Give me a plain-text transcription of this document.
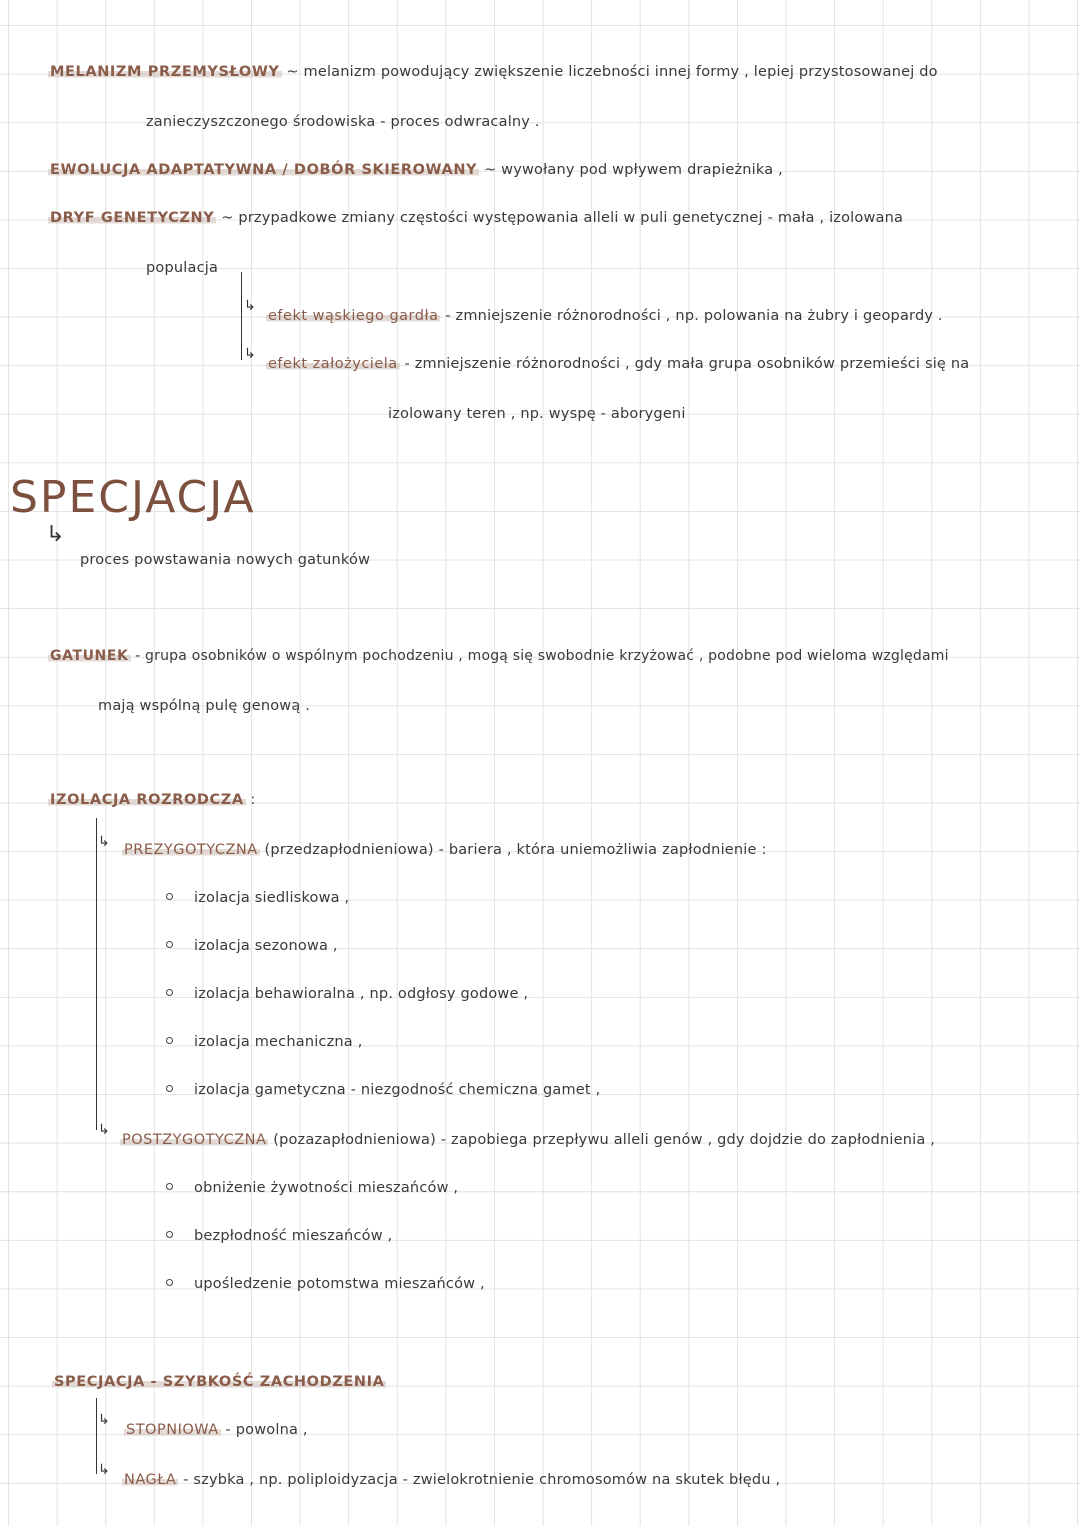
MELANIZM PRZEMYSŁOWY ~ melanizm powodujący zwiększenie liczebności innej formy , lepiej przystosowanej do
zanieczyszczonego środowiska - proces odwracalny .
EWOLUCJA ADAPTATYWNA / DOBÓR SKIEROWANY ~ wywołany pod wpływem drapieżnika ,
DRYF GENETYCZNY ~ przypadkowe zmiany częstości występowania alleli w puli genetycznej - mała , izolowana
populacja
↳
efekt wąskiego gardła - zmniejszenie różnorodności , np. polowania na żubry i geopardy .
↳
efekt założyciela - zmniejszenie różnorodności , gdy mała grupa osobników przemieści się na
izolowany teren , np. wyspę - aborygeni
SPECJACJA
↳
proces powstawania nowych gatunków
GATUNEK - grupa osobników o wspólnym pochodzeniu , mogą się swobodnie krzyżować , podobne pod wieloma względami
mają wspólną pulę genową .
IZOLACJA ROZRODCZA :
↳ PREZYGOTYCZNA (przedzapłodnieniowa) - bariera , która uniemożliwia zapłodnienie :
izolacja siedliskowa ,
izolacja sezonowa ,
izolacja behawioralna , np. odgłosy godowe ,
izolacja mechaniczna ,
izolacja gametyczna - niezgodność chemiczna gamet ,
↳
POSTZYGOTYCZNA (pozazapłodnieniowa) - zapobiega przepływu alleli genów , gdy dojdzie do zapłodnienia ,
obniżenie żywotności mieszańców ,
bezpłodność mieszańców ,
upośledzenie potomstwa mieszańców ,
SPECJACJA - SZYBKOŚĆ ZACHODZENIA
↳
STOPNIOWA - powolna ,
↳
NAGŁA - szybka , np. poliploidyzacja - zwielokrotnienie chromosomów na skutek błędu ,
